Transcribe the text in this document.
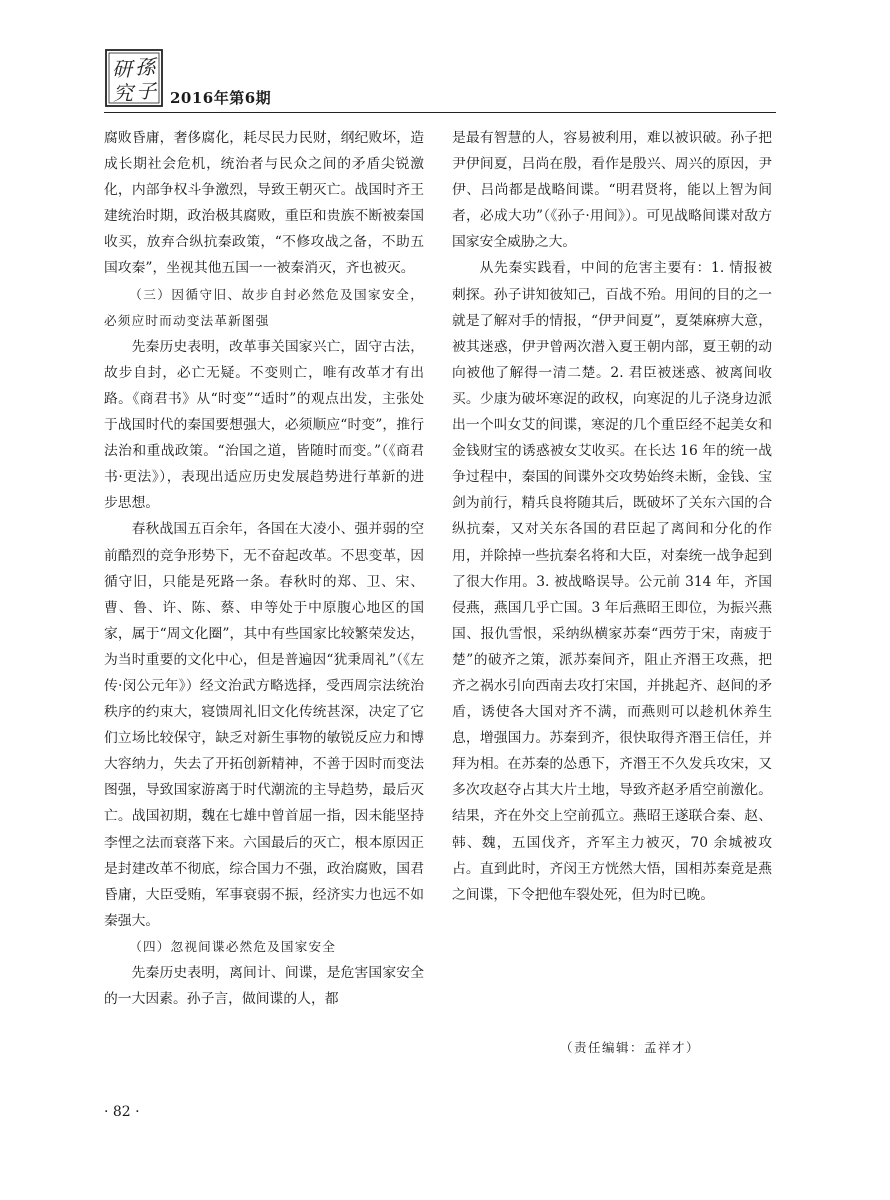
研 孫
究 子 2016年第6期

腐败昏庸，奢侈腐化，耗尽民力民财，纲纪败坏，造成长期社会危机，统治者与民众之间的矛盾尖锐激化，内部争权斗争激烈，导致王朝灭亡。战国时齐王建统治时期，政治极其腐败，重臣和贵族不断被秦国收买，放弃合纵抗秦政策，“不修攻战之备，不助五国攻秦”，坐视其他五国一一被秦消灭，齐也被灭。

（三）因循守旧、故步自封必然危及国家安全，必须应时而动变法革新图强

先秦历史表明，改革事关国家兴亡，固守古法，故步自封，必亡无疑。不变则亡，唯有改革才有出路。《商君书》从“时变”“适时”的观点出发，主张处于战国时代的秦国要想强大，必须顺应“时变”，推行法治和重战政策。“治国之道，皆随时而变。”（《商君书·更法》），表现出适应历史发展趋势进行革新的进步思想。

春秋战国五百余年，各国在大凌小、强并弱的空前酷烈的竞争形势下，无不奋起改革。不思变革，因循守旧，只能是死路一条。春秋时的郑、卫、宋、曹、鲁、许、陈、蔡、申等处于中原腹心地区的国家，属于“周文化圈”，其中有些国家比较繁荣发达，为当时重要的文化中心，但是普遍因“犹秉周礼”（《左传·闵公元年》）经文治武方略选择，受西周宗法统治秩序的约束大，寝馈周礼旧文化传统甚深，决定了它们立场比较保守，缺乏对新生事物的敏锐反应力和博大容纳力，失去了开拓创新精神，不善于因时而变法图强，导致国家游离于时代潮流的主导趋势，最后灭亡。战国初期，魏在七雄中曾首屈一指，因未能坚持李悝之法而衰落下来。六国最后的灭亡，根本原因正是封建改革不彻底，综合国力不强，政治腐败，国君昏庸，大臣受贿，军事衰弱不振，经济实力也远不如秦强大。

（四）忽视间谍必然危及国家安全

先秦历史表明，离间计、间谍，是危害国家安全的一大因素。孙子言，做间谍的人，都

是最有智慧的人，容易被利用，难以被识破。孙子把尹伊间夏，吕尚在殷，看作是殷兴、周兴的原因，尹伊、吕尚都是战略间谍。“明君贤将，能以上智为间者，必成大功”（《孙子·用间》）。可见战略间谍对敌方国家安全威胁之大。

从先秦实践看，中间的危害主要有：1. 情报被刺探。孙子讲知彼知己，百战不殆。用间的目的之一就是了解对手的情报，“伊尹间夏”，夏桀麻痹大意，被其迷惑，伊尹曾两次潜入夏王朝内部，夏王朝的动向被他了解得一清二楚。2. 君臣被迷惑、被离间收买。少康为破坏寒浞的政权，向寒浞的儿子浇身边派出一个叫女艾的间谍，寒浞的几个重臣经不起美女和金钱财宝的诱惑被女艾收买。在长达 16 年的统一战争过程中，秦国的间谍外交攻势始终未断，金钱、宝剑为前行，精兵良将随其后，既破坏了关东六国的合纵抗秦，又对关东各国的君臣起了离间和分化的作用，并除掉一些抗秦名将和大臣，对秦统一战争起到了很大作用。3. 被战略误导。公元前 314 年，齐国侵燕，燕国几乎亡国。3 年后燕昭王即位，为振兴燕国、报仇雪恨，采纳纵横家苏秦“西劳于宋，南疲于楚”的破齐之策，派苏秦间齐，阻止齐湣王攻燕，把齐之祸水引向西南去攻打宋国，并挑起齐、赵间的矛盾，诱使各大国对齐不满，而燕则可以趁机休养生息，增强国力。苏秦到齐，很快取得齐湣王信任，并拜为相。在苏秦的怂恿下，齐湣王不久发兵攻宋，又多次攻赵夺占其大片土地，导致齐赵矛盾空前激化。结果，齐在外交上空前孤立。燕昭王遂联合秦、赵、韩、魏，五国伐齐，齐军主力被灭，70 余城被攻占。直到此时，齐闵王方恍然大悟，国相苏秦竟是燕之间谍，下令把他车裂处死，但为时已晚。

（责任编辑：孟祥才）
· 82 ·
